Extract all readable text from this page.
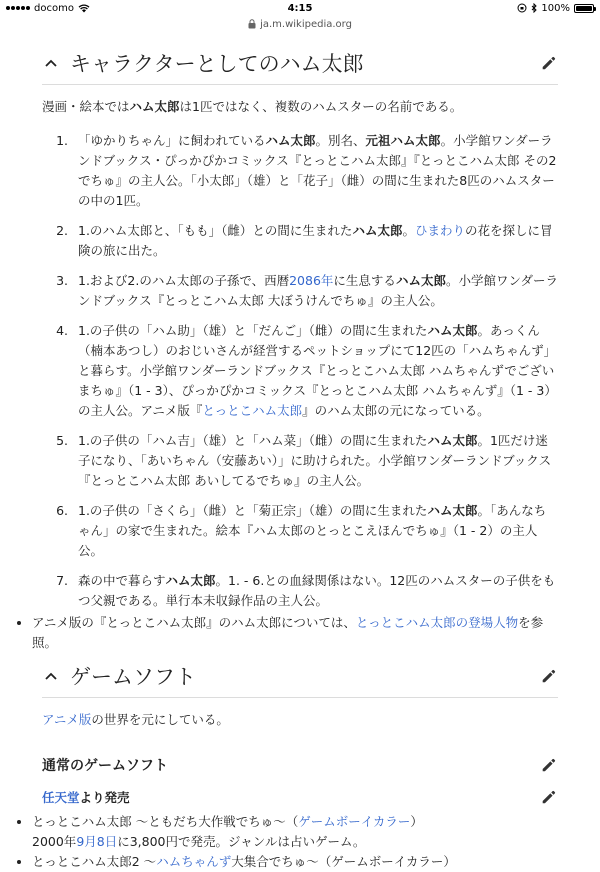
docomo	4:15	100%
ja.m.wikipedia.org
キャラクターとしてのハム太郎

漫画・絵本ではハム太郎は1匹ではなく、複数のハムスターの名前である。

1. 「ゆかりちゃん」に飼われているハム太郎。別名、元祖ハム太郎。小学館ワンダーランドブックス・ぴっかぴかコミックス『とっとこハム太郎』『とっとこハム太郎 その2でちゅ』の主人公。「小太郎」（雄）と「花子」（雌）の間に生まれた8匹のハムスターの中の1匹。
2. 1.のハム太郎と、「もも」（雌）との間に生まれたハム太郎。ひまわりの花を探しに冒険の旅に出た。
3. 1.および2.のハム太郎の子孫で、西暦2086年に生息するハム太郎。小学館ワンダーランドブックス『とっとこハム太郎 大ぼうけんでちゅ』の主人公。
4. 1.の子供の「ハム助」（雄）と「だんご」（雌）の間に生まれたハム太郎。あっくん（楠本あつし）のおじいさんが経営するペットショップにて12匹の「ハムちゃんず」と暮らす。小学館ワンダーランドブックス『とっとこハム太郎 ハムちゃんずでございまちゅ』（1 - 3）、ぴっかぴかコミックス『とっとこハム太郎 ハムちゃんず』（1 - 3）の主人公。アニメ版『とっとこハム太郎』のハム太郎の元になっている。
5. 1.の子供の「ハム吉」（雄）と「ハム菜」（雌）の間に生まれたハム太郎。1匹だけ迷子になり、「あいちゃん（安藤あい）」に助けられた。小学館ワンダーランドブックス『とっとこハム太郎 あいしてるでちゅ』の主人公。
6. 1.の子供の「さくら」（雌）と「菊正宗」（雄）の間に生まれたハム太郎。「あんなちゃん」の家で生まれた。絵本『ハム太郎のとっとこえほんでちゅ』（1 - 2）の主人公。
7. 森の中で暮らすハム太郎。1. - 6.との血縁関係はない。12匹のハムスターの子供をもつ父親である。単行本未収録作品の主人公。
• アニメ版の『とっとこハム太郎』のハム太郎については、とっとこハム太郎の登場人物を参照。
ゲームソフト

アニメ版の世界を元にしている。

通常のゲームソフト
任天堂より発売
• とっとこハム太郎 〜ともだち大作戦でちゅ〜（ゲームボーイカラー）
2000年9月8日に3,800円で発売。ジャンルは占いゲーム。
• とっとこハム太郎2 〜ハムちゃんず大集合でちゅ〜（ゲームボーイカラー）
